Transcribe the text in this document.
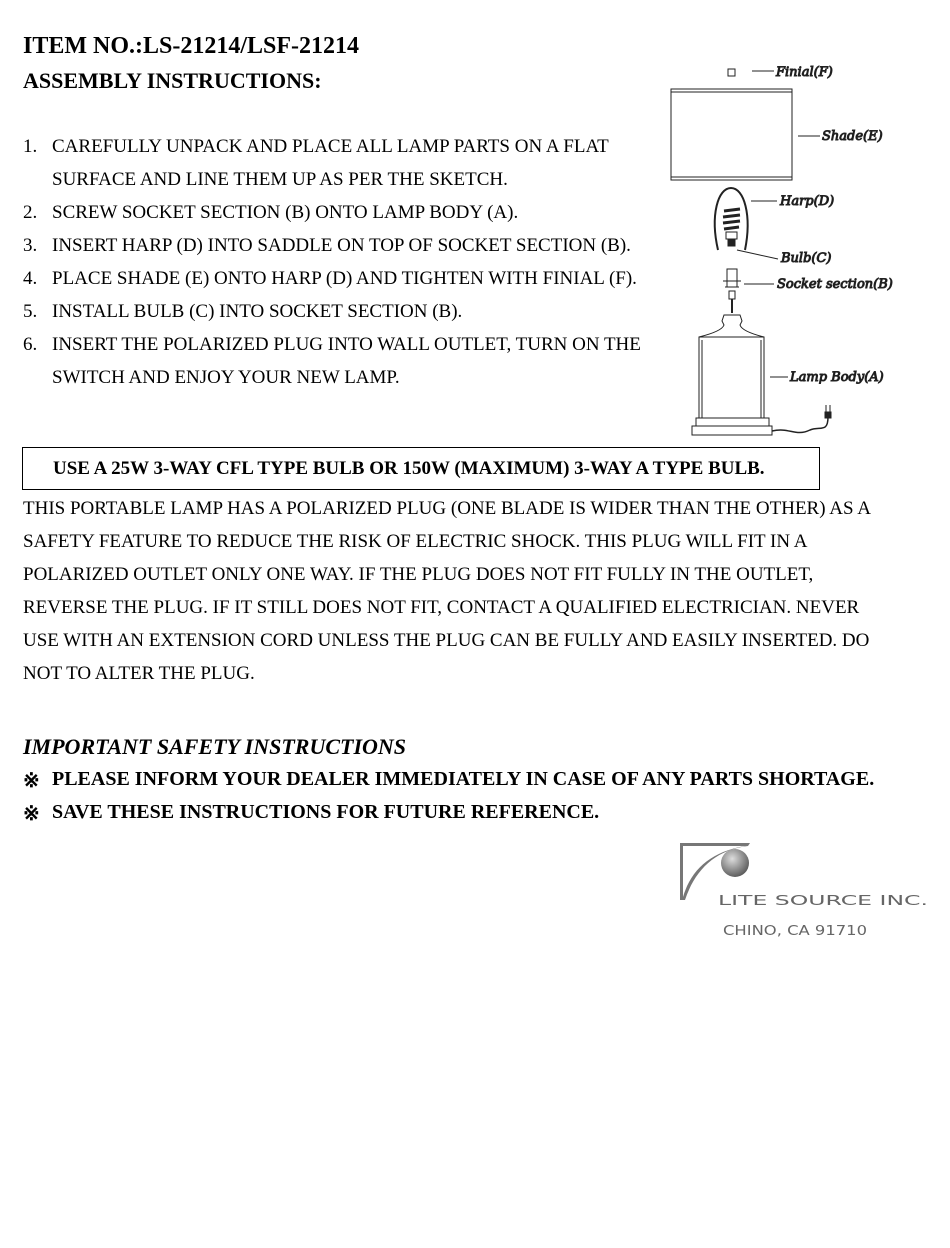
ITEM NO.:LS-21214/LSF-21214
ASSEMBLY INSTRUCTIONS:
1. CAREFULLY UNPACK AND PLACE ALL LAMP PARTS ON A FLAT
SURFACE AND LINE THEM UP AS PER THE SKETCH.
2. SCREW SOCKET SECTION (B) ONTO LAMP BODY (A).
3. INSERT HARP (D) INTO SADDLE ON TOP OF SOCKET SECTION (B).
4. PLACE SHADE (E) ONTO HARP (D) AND TIGHTEN WITH FINIAL (F).
5. INSTALL BULB (C) INTO SOCKET SECTION (B).
6. INSERT THE POLARIZED PLUG INTO WALL OUTLET, TURN ON THE
SWITCH AND ENJOY YOUR NEW LAMP.
Finial(F)
Shade(E)
Harp(D)
Bulb(C)
Socket section(B)
Lamp Body(A)
USE A 25W 3-WAY CFL TYPE BULB OR 150W (MAXIMUM) 3-WAY A TYPE BULB.
THIS PORTABLE LAMP HAS A POLARIZED PLUG (ONE BLADE IS WIDER THAN THE OTHER) AS A
SAFETY FEATURE TO REDUCE THE RISK OF ELECTRIC SHOCK. THIS PLUG WILL FIT IN A
POLARIZED OUTLET ONLY ONE WAY. IF THE PLUG DOES NOT FIT FULLY IN THE OUTLET,
REVERSE THE PLUG. IF IT STILL DOES NOT FIT, CONTACT A QUALIFIED ELECTRICIAN. NEVER
USE WITH AN EXTENSION CORD UNLESS THE PLUG CAN BE FULLY AND EASILY INSERTED. DO
NOT TO ALTER THE PLUG.
IMPORTANT SAFETY INSTRUCTIONS
※ PLEASE INFORM YOUR DEALER IMMEDIATELY IN CASE OF ANY PARTS SHORTAGE.
※ SAVE THESE INSTRUCTIONS FOR FUTURE REFERENCE.
LITE SOURCE INC.
CHINO, CA 91710
